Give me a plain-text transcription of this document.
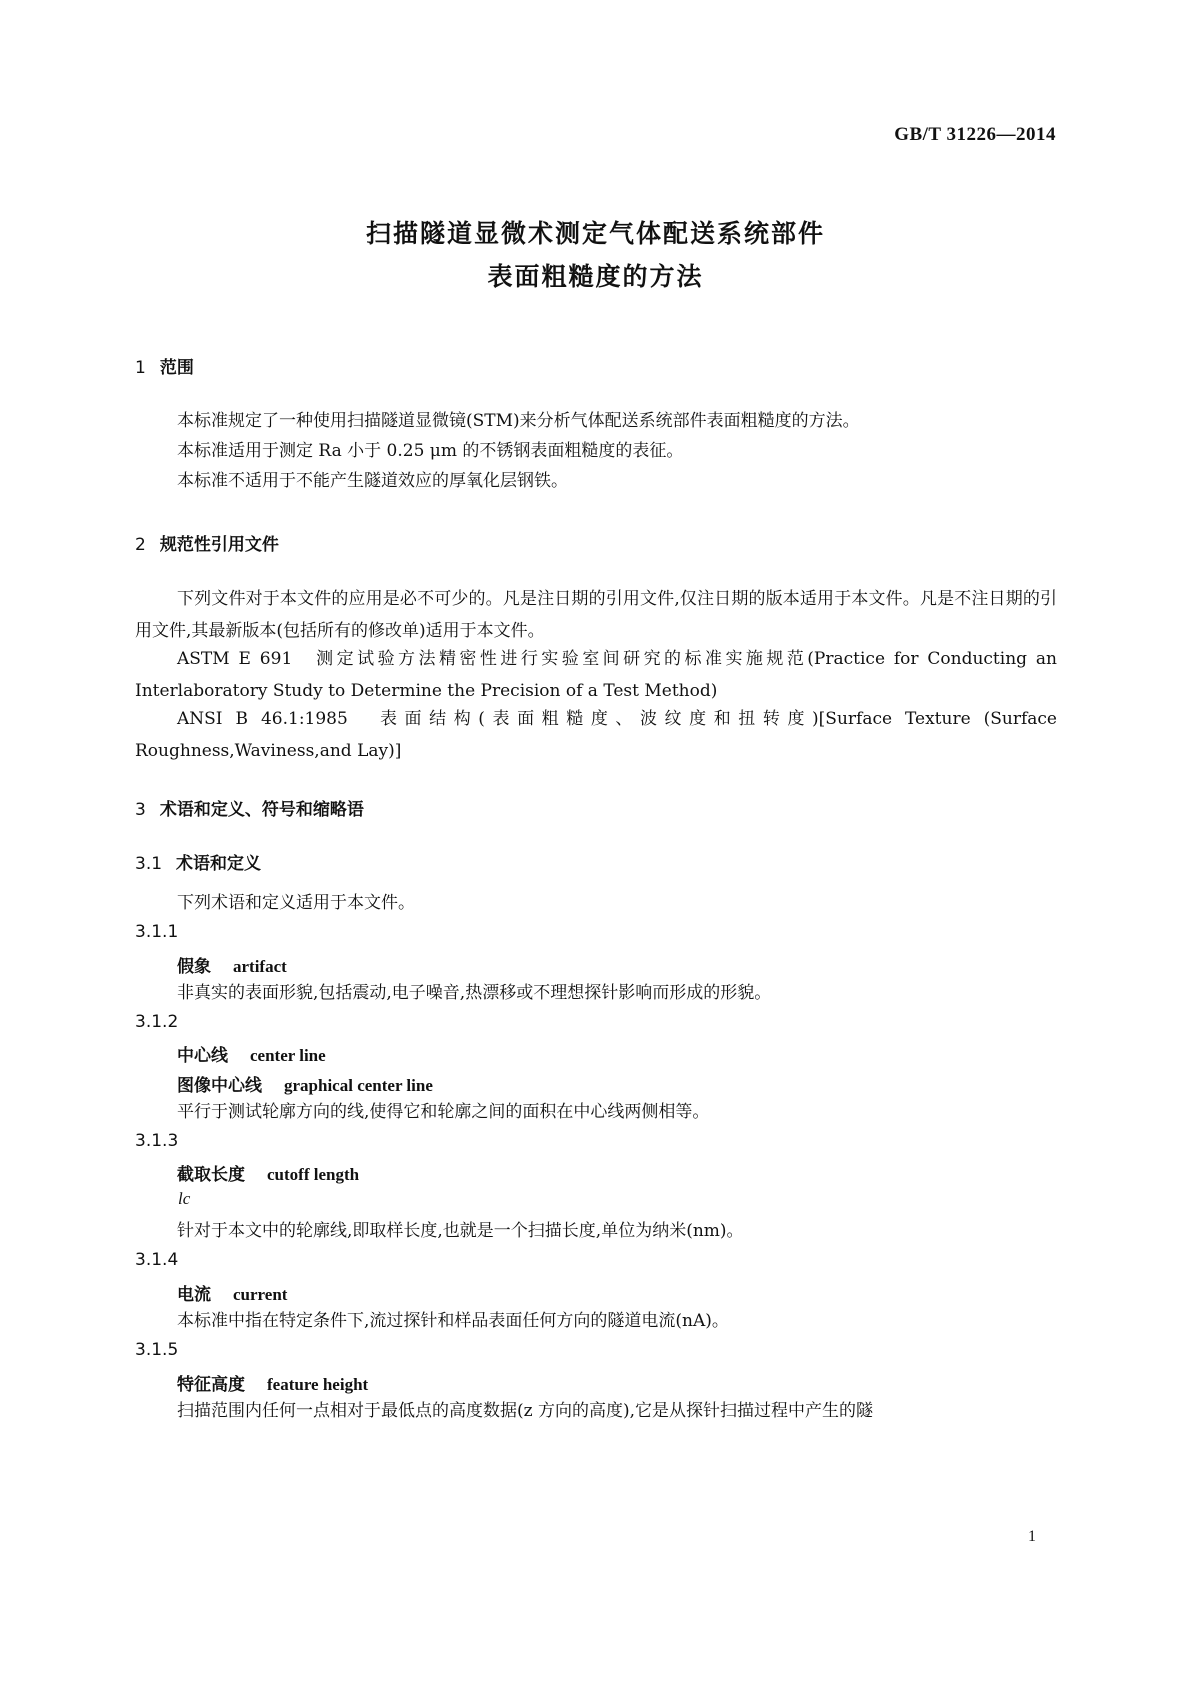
GB/T 31226—2014
扫描隧道显微术测定气体配送系统部件
表面粗糙度的方法
1 范围
本标准规定了一种使用扫描隧道显微镜(STM)来分析气体配送系统部件表面粗糙度的方法。
本标准适用于测定 Ra 小于 0.25 μm 的不锈钢表面粗糙度的表征。
本标准不适用于不能产生隧道效应的厚氧化层钢铁。
2 规范性引用文件
下列文件对于本文件的应用是必不可少的。凡是注日期的引用文件,仅注日期的版本适用于本文件。凡是不注日期的引用文件,其最新版本(包括所有的修改单)适用于本文件。
ASTM E 691　测定试验方法精密性进行实验室间研究的标准实施规范(Practice for Conducting an Interlaboratory Study to Determine the Precision of a Test Method)
ANSI B 46.1:1985　表面结构(表面粗糙度、波纹度和扭转度)[Surface Texture (Surface Roughness,Waviness,and Lay)]
3 术语和定义、符号和缩略语
3.1 术语和定义
下列术语和定义适用于本文件。
3.1.1
假象 artifact
非真实的表面形貌,包括震动,电子噪音,热漂移或不理想探针影响而形成的形貌。
3.1.2
中心线 center line
图像中心线 graphical center line
平行于测试轮廓方向的线,使得它和轮廓之间的面积在中心线两侧相等。
3.1.3
截取长度 cutoff length
lc
针对于本文中的轮廓线,即取样长度,也就是一个扫描长度,单位为纳米(nm)。
3.1.4
电流 current
本标准中指在特定条件下,流过探针和样品表面任何方向的隧道电流(nA)。
3.1.5
特征高度 feature height
扫描范围内任何一点相对于最低点的高度数据(z 方向的高度),它是从探针扫描过程中产生的隧
1
